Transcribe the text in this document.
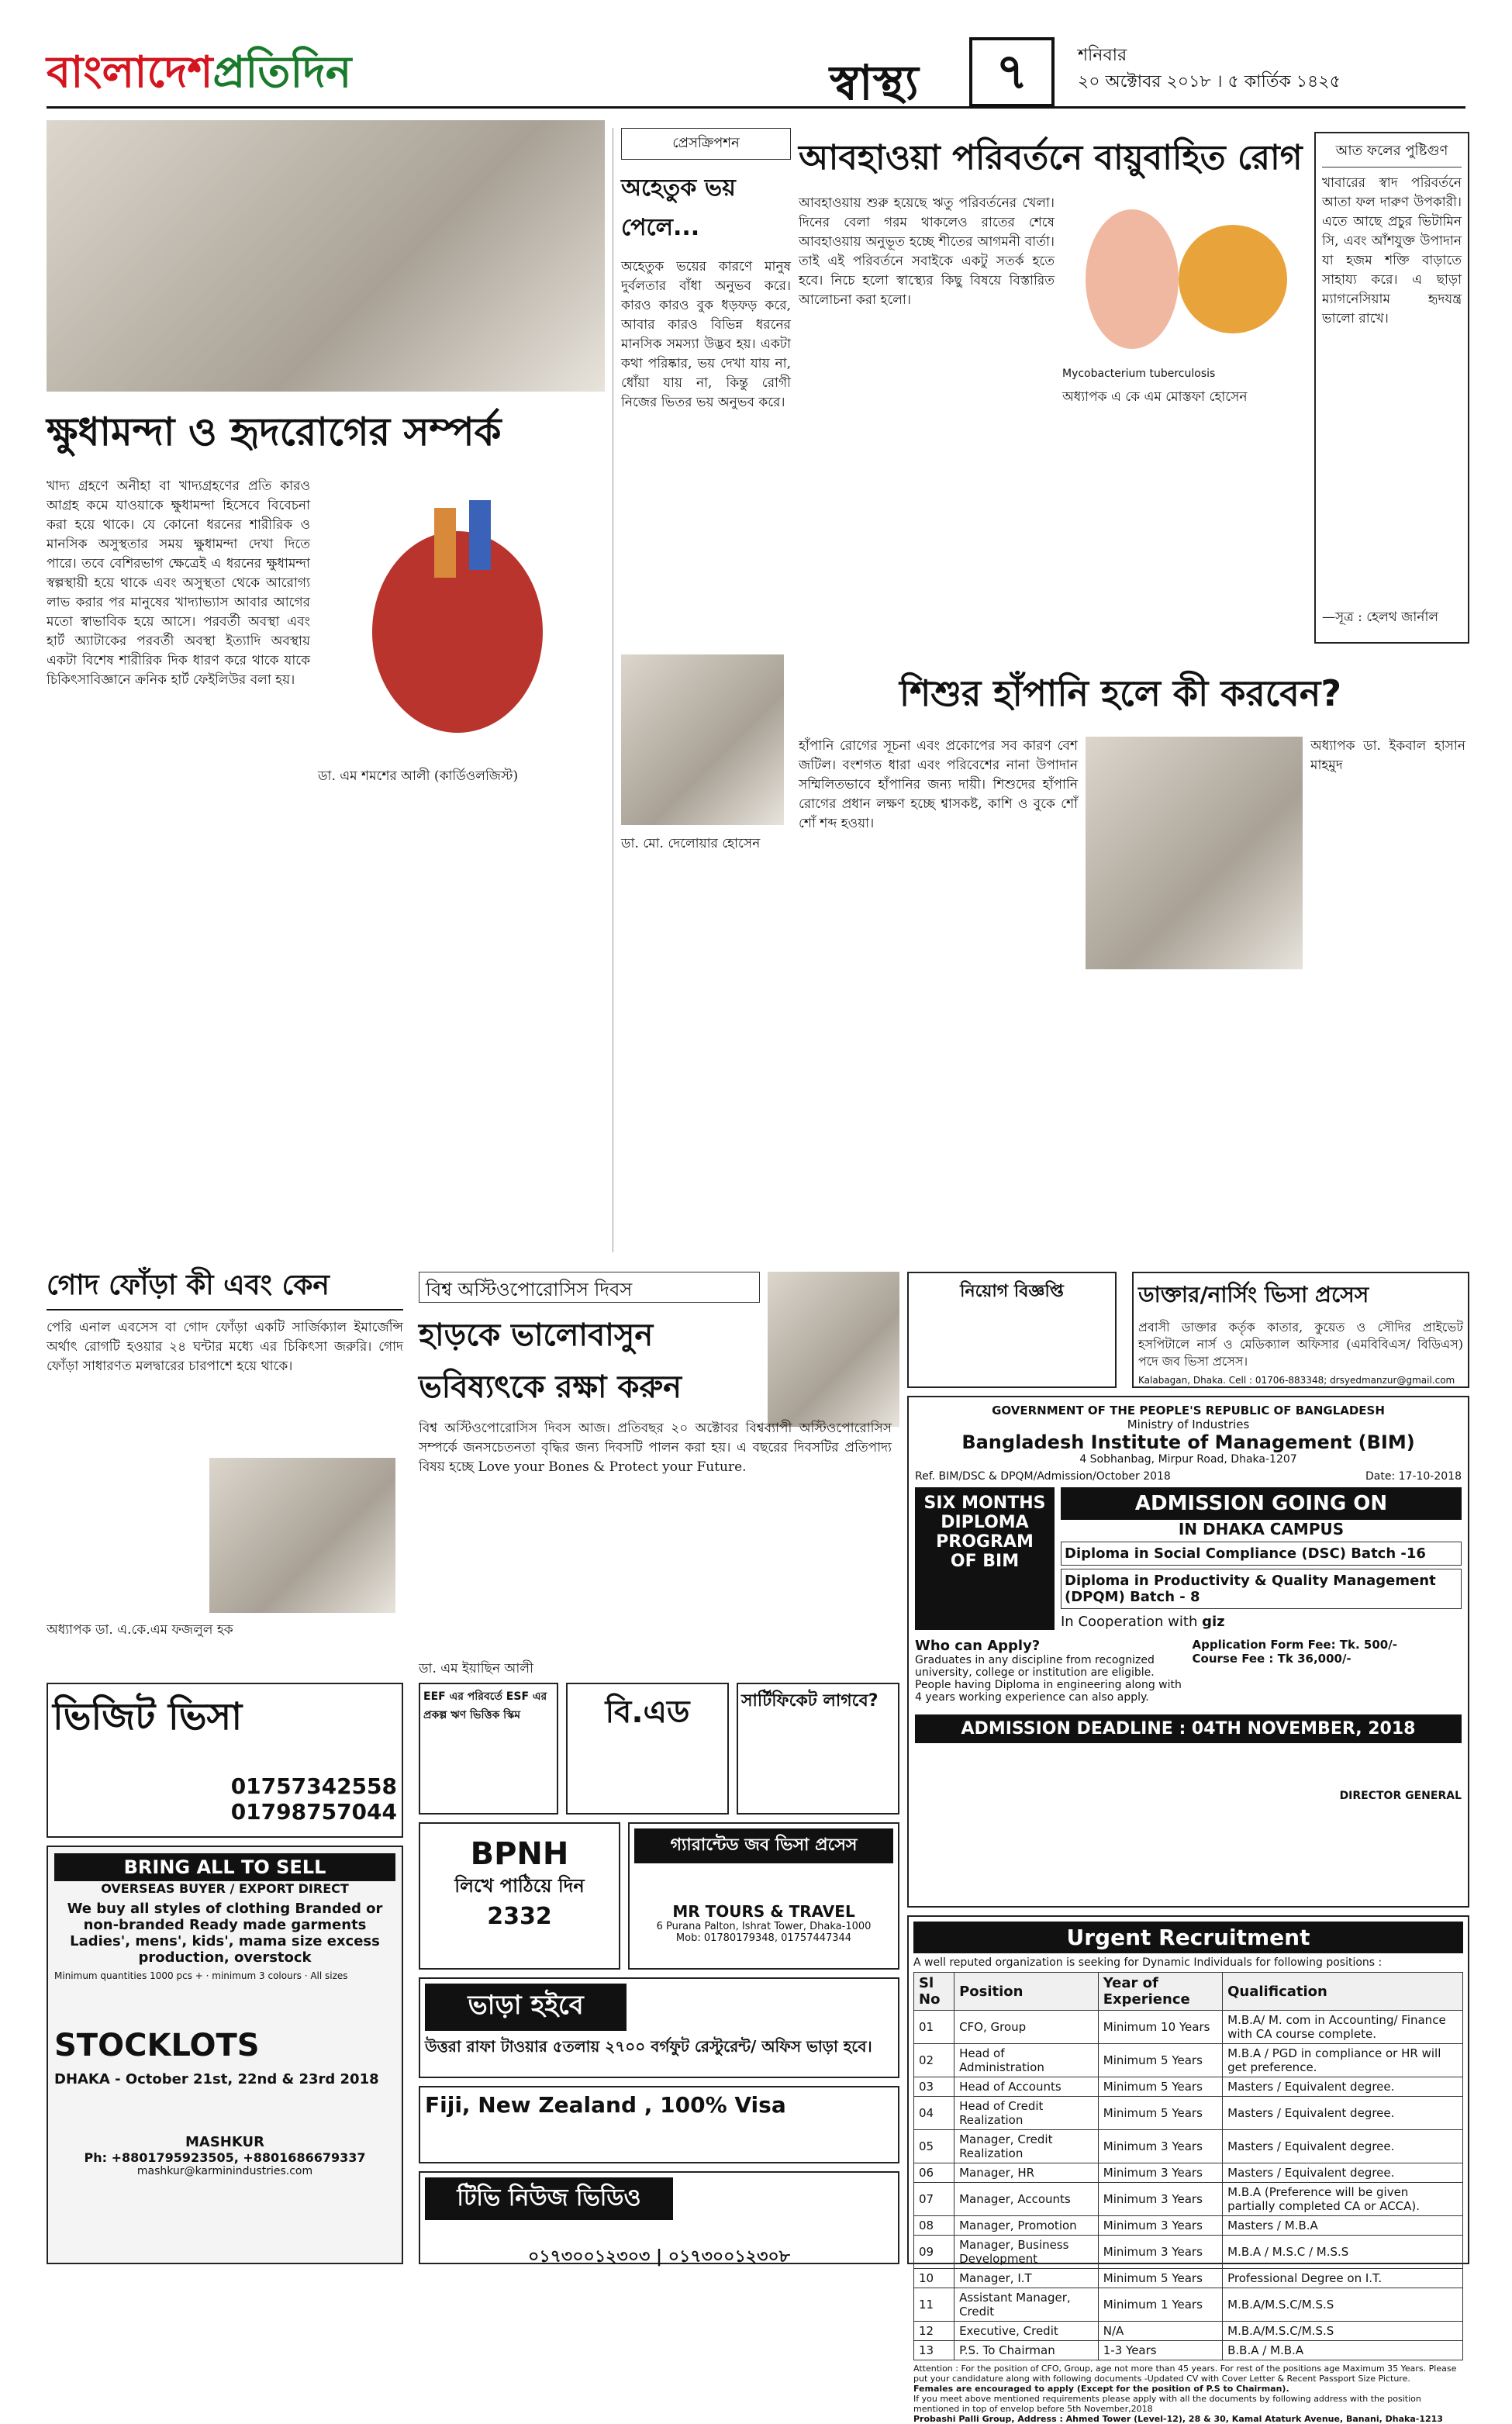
বাংলাদেশপ্রতিদিন	স্বাস্থ্য	৭	শনিবার
২০ অক্টোবর ২০১৮ । ৫ কার্তিক ১৪২৫
ক্ষুধামন্দা ও হৃদরোগের সম্পর্ক
খাদ্য গ্রহণে অনীহা বা খাদ্যগ্রহণের প্রতি কারও আগ্রহ কমে যাওয়াকে ক্ষুধামন্দা হিসেবে বিবেচনা করা হয়ে থাকে। যে কোনো ধরনের শারীরিক ও মানসিক অসুস্থতার সময় ক্ষুধামন্দা দেখা দিতে পারে। তবে বেশিরভাগ ক্ষেত্রেই এ ধরনের ক্ষুধামন্দা স্বল্পস্থায়ী হয়ে থাকে এবং অসুস্থতা থেকে আরোগ্য লাভ করার পর মানুষের খাদ্যাভ্যাস আবার আগের মতো স্বাভাবিক হয়ে আসে। পরবর্তী অবস্থা এবং হার্ট অ্যাটাকের পরবর্তী অবস্থা ইত্যাদি অবস্থায় একটা বিশেষ শারীরিক দিক ধারণ করে থাকে যাকে চিকিৎসাবিজ্ঞানে ক্রনিক হার্ট ফেইলিউর বলা হয়।
ডা. এম শমশের আলী (কার্ডিওলজিস্ট)
প্রেসক্রিপশন
অহেতুক ভয় পেলে...
অহেতুক ভয়ের কারণে মানুষ দুর্বলতার বাঁধা অনুভব করে। কারও কারও বুক ধড়ফড় করে, আবার কারও বিভিন্ন ধরনের মানসিক সমস্যা উদ্ভব হয়। একটা কথা পরিষ্কার, ভয় দেখা যায় না, ধোঁয়া যায় না, কিন্তু রোগী নিজের ভিতর ভয় অনুভব করে।
ডা. মো. দেলোয়ার হোসেন
আবহাওয়া পরিবর্তনে বায়ুবাহিত রোগ
আবহাওয়ায় শুরু হয়েছে ঋতু পরিবর্তনের খেলা। দিনের বেলা গরম থাকলেও রাতের শেষে আবহাওয়ায় অনুভূত হচ্ছে শীতের আগমনী বার্তা। তাই এই পরিবর্তনে সবাইকে একটু সতর্ক হতে হবে। নিচে হলো স্বাস্থ্যের কিছু বিষয়ে বিস্তারিত আলোচনা করা হলো।
Mycobacterium tuberculosis
অধ্যাপক এ কে এম মোস্তফা হোসেন
আত ফলের পুষ্টিগুণ
খাবারের স্বাদ পরিবর্তনে আতা ফল দারুণ উপকারী। এতে আছে প্রচুর ভিটামিন সি, এবং আঁশযুক্ত উপাদান যা হজম শক্তি বাড়াতে সাহায্য করে। এ ছাড়া ম্যাগনেসিয়াম হৃদযন্ত্র ভালো রাখে।
—সূত্র : হেলথ জার্নাল
শিশুর হাঁপানি হলে কী করবেন?
হাঁপানি রোগের সূচনা এবং প্রকোপের সব কারণ বেশ জটিল। বংশগত ধারা এবং পরিবেশের নানা উপাদান সম্মিলিতভাবে হাঁপানির জন্য দায়ী। শিশুদের হাঁপানি রোগের প্রধান লক্ষণ হচ্ছে শ্বাসকষ্ট, কাশি ও বুকে শোঁ শোঁ শব্দ হওয়া।
অধ্যাপক ডা. ইকবাল হাসান মাহমুদ
গোদ ফোঁড়া কী এবং কেন
পেরি এনাল এবসেস বা গোদ ফোঁড়া একটি সার্জিক্যাল ইমার্জেন্সি অর্থাৎ রোগটি হওয়ার ২৪ ঘন্টার মধ্যে এর চিকিৎসা জরুরি। গোদ ফোঁড়া সাধারণত মলদ্বারের চারপাশে হয়ে থাকে।
অধ্যাপক ডা. এ.কে.এম ফজলুল হক
বিশ্ব অস্টিওপোরোসিস দিবস
হাড়কে ভালোবাসুন ভবিষ্যৎকে রক্ষা করুন
বিশ্ব অস্টিওপোরোসিস দিবস আজ। প্রতিবছর ২০ অক্টোবর বিশ্বব্যাপী অস্টিওপোরোসিস সম্পর্কে জনসচেতনতা বৃদ্ধির জন্য দিবসটি পালন করা হয়। এ বছরের দিবসটির প্রতিপাদ্য বিষয় হচ্ছে Love your Bones & Protect your Future.
ডা. এম ইয়াছিন আলী
নিয়োগ বিজ্ঞপ্তি	ডাক্তার/নার্সিং ভিসা প্রসেস
প্রবাসী ডাক্তার কর্তৃক কাতার, কুয়েত ও সৌদির প্রাইভেট হসপিটালে নার্স ও মেডিক্যাল অফিসার (এমবিবিএস/ বিডিএস) পদে জব ভিসা প্রসেস।
Kalabagan, Dhaka. Cell : 01706-883348; drsyedmanzur@gmail.com
GOVERNMENT OF THE PEOPLE'S REPUBLIC OF BANGLADESH
Ministry of Industries
Bangladesh Institute of Management (BIM)
4 Sobhanbag, Mirpur Road, Dhaka-1207
Ref. BIM/DSC & DPQM/Admission/October 2018	Date: 17-10-2018
SIX MONTHS DIPLOMA PROGRAM OF BIM
ADMISSION GOING ON
IN DHAKA CAMPUS
Diploma in Social Compliance (DSC) Batch -16
Diploma in Productivity & Quality Management (DPQM) Batch - 8
In Cooperation with giz
Who can Apply?
Graduates in any discipline from recognized university, college or institution are eligible. People having Diploma in engineering along with 4 years working experience can also apply.
Application Form Fee: Tk. 500/-
Course Fee : Tk 36,000/-
ADMISSION DEADLINE : 04TH NOVEMBER, 2018
DIRECTOR GENERAL
EEF এর পরিবর্তে ESF এর প্রকল্প ঋণ ভিত্তিক স্কিম	বি.এড	সার্টিফিকেট লাগবে?
ভিজিট ভিসা
01757342558
01798757044
BPNH
লিখে পাঠিয়ে দিন
2332
গ্যারান্টেড জব ভিসা প্রসেস
MR TOURS & TRAVEL
6 Purana Palton, Ishrat Tower, Dhaka-1000
Mob: 01780179348, 01757447344
BRING ALL TO SELL
OVERSEAS BUYER / EXPORT DIRECT
We buy all styles of clothing Branded or non-branded Ready made garments Ladies', mens', kids', mama size excess production, overstock
Minimum quantities 1000 pcs + · minimum 3 colours · All sizes
STOCKLOTS
DHAKA - October 21st, 22nd & 23rd 2018
MASHKUR
Ph: +8801795923505, +8801686679337
mashkur@karminindustries.com
ভাড়া হইবে
উত্তরা রাফা টাওয়ার ৫তলায় ২৭০০ বর্গফুট রেস্টুরেন্ট/ অফিস ভাড়া হবে।
Fiji, New Zealand , 100% Visa
টিভি নিউজ ভিডিও
০১৭৩০০১২৩০৩ | ০১৭৩০০১২৩০৮
Urgent Recruitment
A well reputed organization is seeking for Dynamic Individuals for following positions :
Sl No	Position	Year of Experience	Qualification
01	CFO, Group	Minimum 10 Years	M.B.A/ M. com in Accounting/ Finance with CA course complete.
02	Head of Administration	Minimum 5 Years	M.B.A / PGD in compliance or HR will get preference.
03	Head of Accounts	Minimum 5 Years	Masters / Equivalent degree.
04	Head of Credit Realization	Minimum 5 Years	Masters / Equivalent degree.
05	Manager, Credit Realization	Minimum 3 Years	Masters / Equivalent degree.
06	Manager, HR	Minimum 3 Years	Masters / Equivalent degree.
07	Manager, Accounts	Minimum 3 Years	M.B.A (Preference will be given partially completed CA or ACCA).
08	Manager, Promotion	Minimum 3 Years	Masters / M.B.A
09	Manager, Business Development	Minimum 3 Years	M.B.A / M.S.C / M.S.S
10	Manager, I.T	Minimum 5 Years	Professional Degree on I.T.
11	Assistant Manager, Credit	Minimum 1 Years	M.B.A/M.S.C/M.S.S
12	Executive, Credit	N/A	M.B.A/M.S.C/M.S.S
13	P.S. To Chairman	1-3 Years	B.B.A / M.B.A
Attention : For the position of CFO, Group, age not more than 45 years. For rest of the positions age Maximum 35 Years. Please put your candidature along with following documents -Updated CV with Cover Letter & Recent Passport Size Picture.
Females are encouraged to apply (Except for the position of P.S to Chairman).
If you meet above mentioned requirements please apply with all the documents by following address with the position mentioned in top of envelop before 5th November,2018
Probashi Palli Group, Address : Ahmed Tower (Level-12), 28 & 30, Kamal Ataturk Avenue, Banani, Dhaka-1213
